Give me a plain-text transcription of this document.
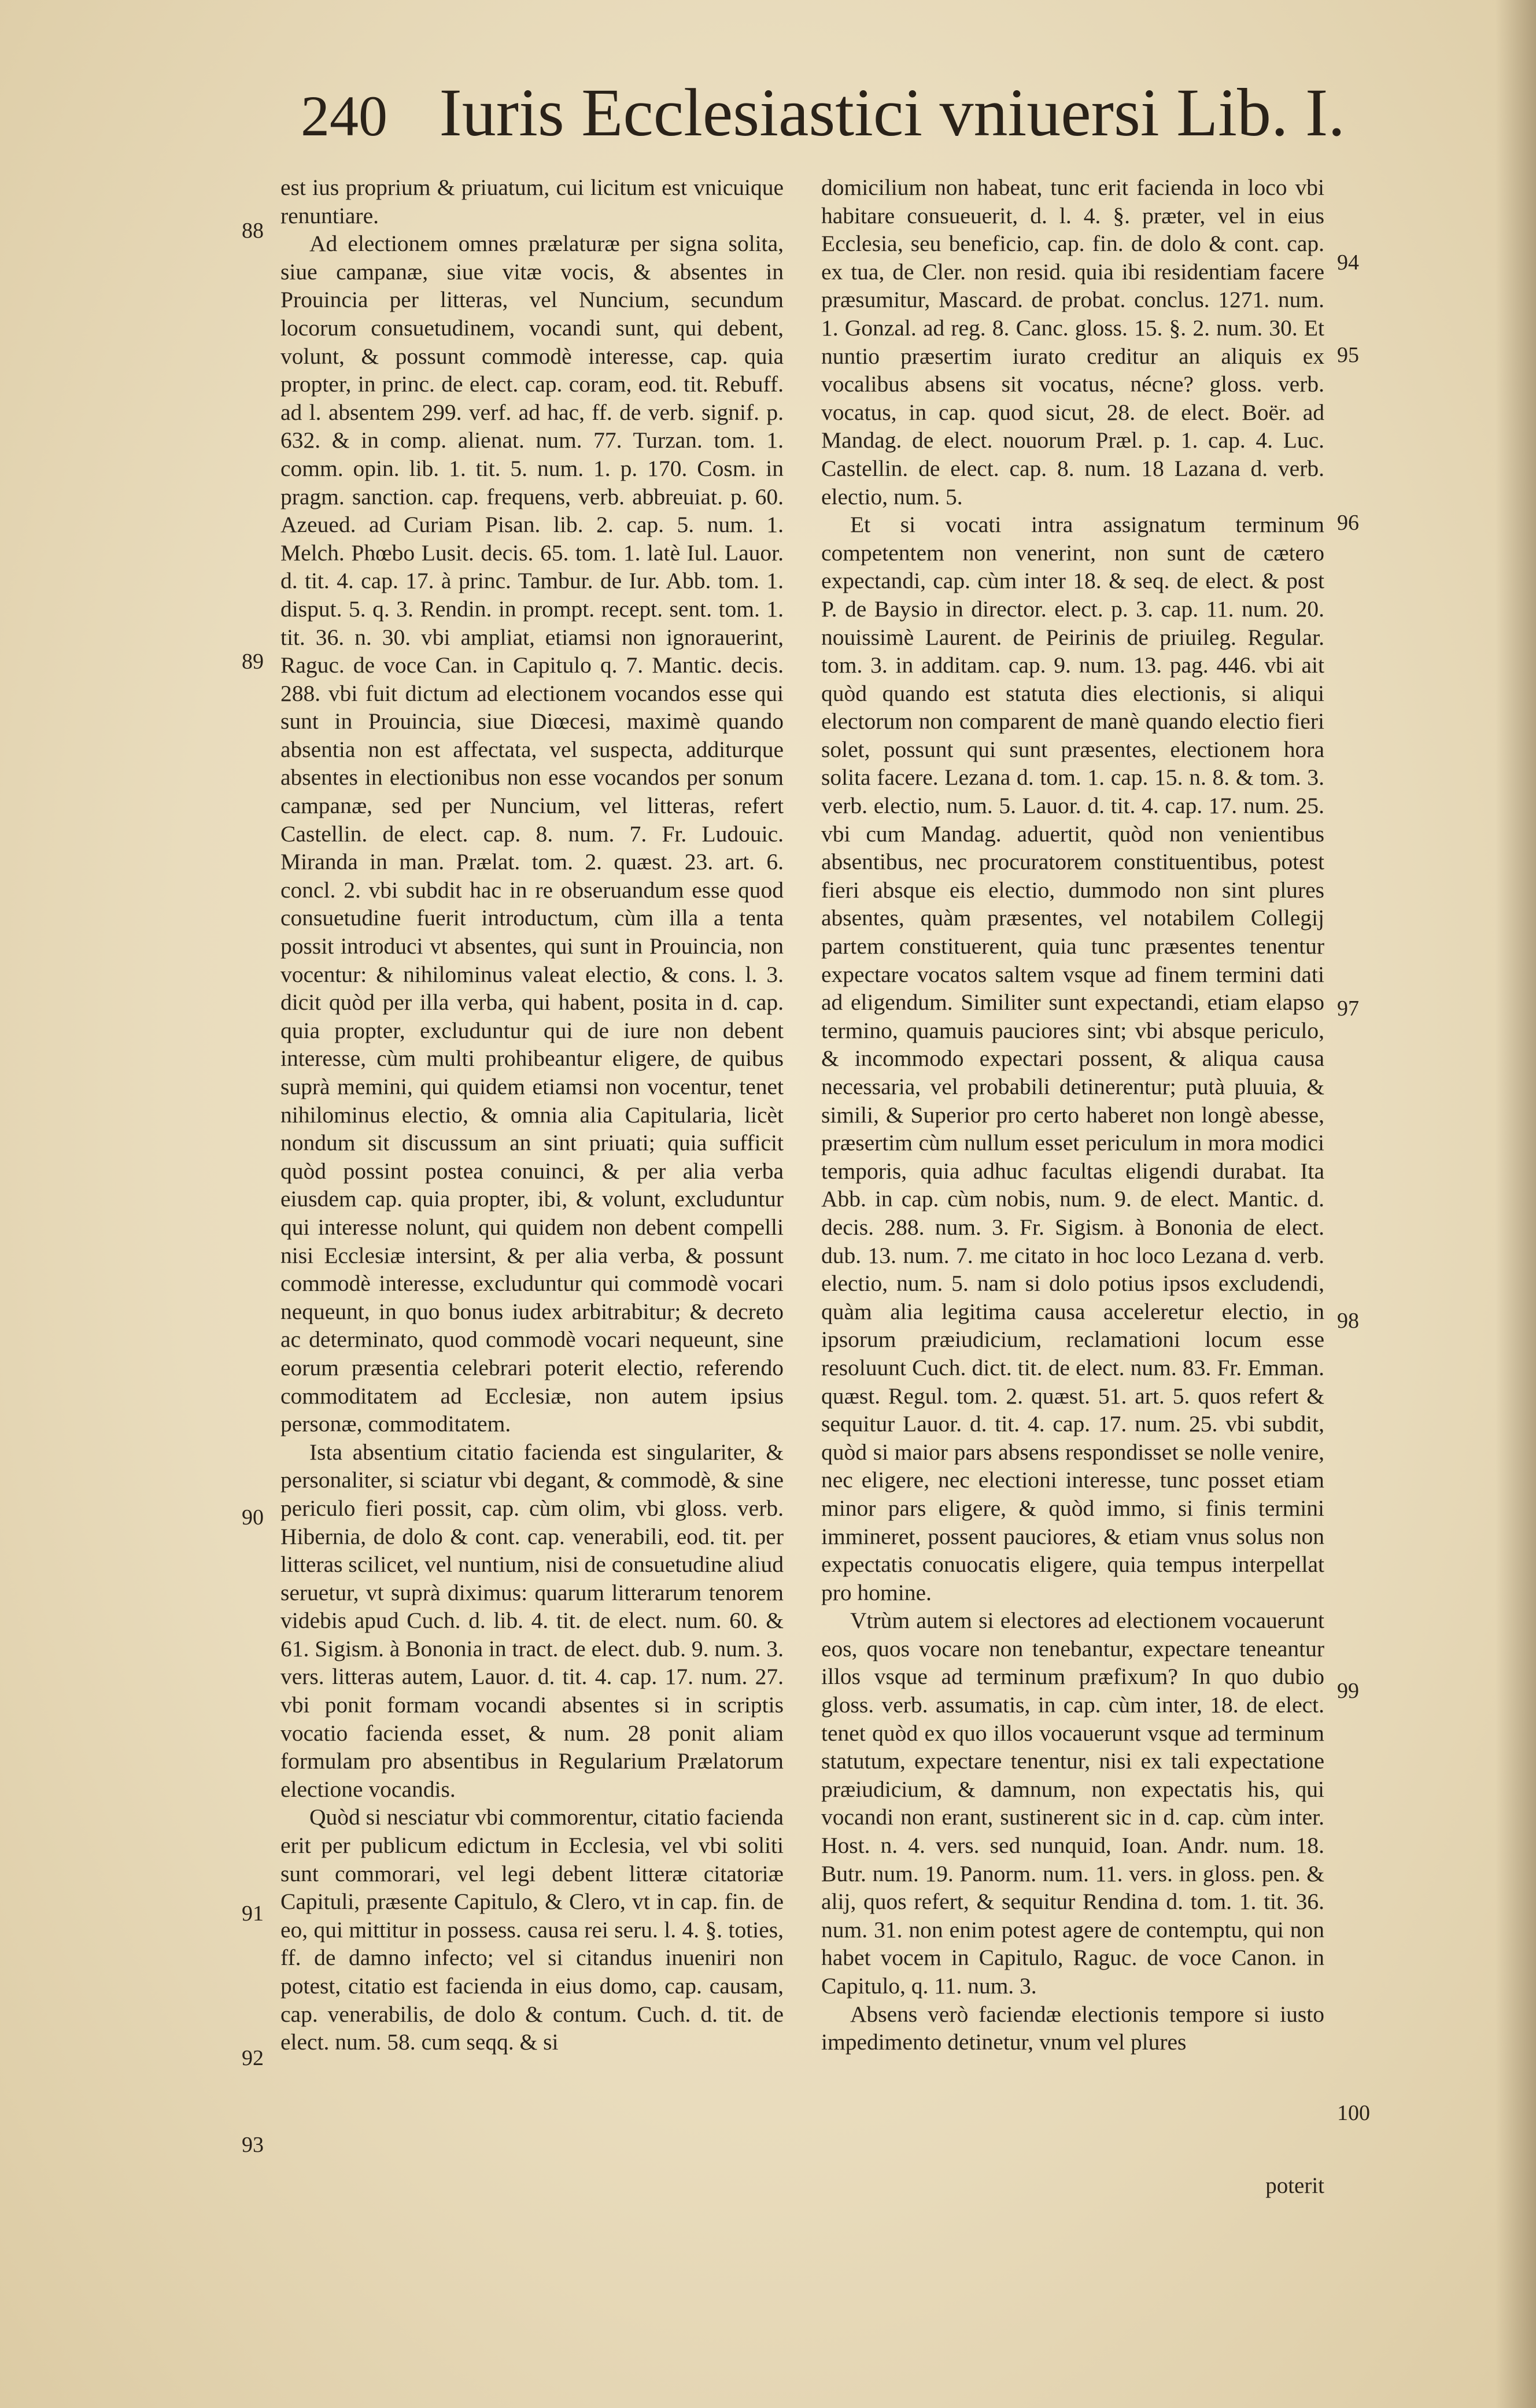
240 Iuris Ecclesiastici vniuersi Lib. I.

est ius proprium & priuatum, cui licitum est vnicuique renuntiare.

Ad electionem omnes prælaturæ per signa solita, siue campanæ, siue vitæ vocis, & absentes in Prouincia per litteras, vel Nuncium, secundum locorum consuetudinem, vocandi sunt, qui debent, volunt, & possunt commodè interesse, cap. quia propter, in princ. de elect. cap. coram, eod. tit. Rebuff. ad l. absentem 299. verf. ad hac, ff. de verb. signif. p. 632. & in comp. alienat. num. 77. Turzan. tom. 1. comm. opin. lib. 1. tit. 5. num. 1. p. 170. Cosm. in pragm. sanction. cap. frequens, verb. abbreuiat. p. 60. Azeued. ad Curiam Pisan. lib. 2. cap. 5. num. 1. Melch. Phœbo Lusit. decis. 65. tom. 1. latè Iul. Lauor. d. tit. 4. cap. 17. à princ. Tambur. de Iur. Abb. tom. 1. disput. 5. q. 3. Rendin. in prompt. recept. sent. tom. 1. tit. 36. n. 30. vbi ampliat, etiamsi non ignorauerint, Raguc. de voce Can. in Capitulo q. 7. Mantic. decis. 288. vbi fuit dictum ad electionem vocandos esse qui sunt in Prouincia, siue Diœcesi, maximè quando absentia non est affectata, vel suspecta, additurque absentes in electionibus non esse vocandos per sonum campanæ, sed per Nuncium, vel litteras, refert Castellin. de elect. cap. 8. num. 7. Fr. Ludouic. Miranda in man. Prælat. tom. 2. quæst. 23. art. 6. concl. 2. vbi subdit hac in re obseruandum esse quod consuetudine fuerit introductum, cùm illa a tenta possit introduci vt absentes, qui sunt in Prouincia, non vocentur: & nihilominus valeat electio, & cons. l. 3. dicit quòd per illa verba, qui habent, posita in d. cap. quia propter, excluduntur qui de iure non debent interesse, cùm multi prohibeantur eligere, de quibus suprà memini, qui quidem etiamsi non vocentur, tenet nihilominus electio, & omnia alia Capitularia, licèt nondum sit discussum an sint priuati; quia sufficit quòd possint postea conuinci, & per alia verba eiusdem cap. quia propter, ibi, & volunt, excluduntur qui interesse nolunt, qui quidem non debent compelli nisi Ecclesiæ intersint, & per alia verba, & possunt commodè interesse, excluduntur qui commodè vocari nequeunt, in quo bonus iudex arbitrabitur; & decreto ac determinato, quod commodè vocari nequeunt, sine eorum præsentia celebrari poterit electio, referendo commoditatem ad Ecclesiæ, non autem ipsius personæ, commoditatem.

Ista absentium citatio facienda est singulariter, & personaliter, si sciatur vbi degant, & commodè, & sine periculo fieri possit, cap. cùm olim, vbi gloss. verb. Hibernia, de dolo & cont. cap. venerabili, eod. tit. per litteras scilicet, vel nuntium, nisi de consuetudine aliud seruetur, vt suprà diximus: quarum litterarum tenorem videbis apud Cuch. d. lib. 4. tit. de elect. num. 60. & 61. Sigism. à Bononia in tract. de elect. dub. 9. num. 3. vers. litteras autem, Lauor. d. tit. 4. cap. 17. num. 27. vbi ponit formam vocandi absentes si in scriptis vocatio facienda esset, & num. 28 ponit aliam formulam pro absentibus in Regularium Prælatorum electione vocandis.

Quòd si nesciatur vbi commorentur, citatio facienda erit per publicum edictum in Ecclesia, vel vbi soliti sunt commorari, vel legi debent litteræ citatoriæ Capituli, præsente Capitulo, & Clero, vt in cap. fin. de eo, qui mittitur in possess. causa rei seru. l. 4. §. toties, ff. de damno infecto; vel si citandus inueniri non potest, citatio est facienda in eius domo, cap. causam, cap. venerabilis, de dolo & contum. Cuch. d. tit. de elect. num. 58. cum seqq. & si

domicilium non habeat, tunc erit facienda in loco vbi habitare consueuerit, d. l. 4. §. præter, vel in eius Ecclesia, seu beneficio, cap. fin. de dolo & cont. cap. ex tua, de Cler. non resid. quia ibi residentiam facere præsumitur, Mascard. de probat. conclus. 1271. num. 1. Gonzal. ad reg. 8. Canc. gloss. 15. §. 2. num. 30. Et nuntio præsertim iurato creditur an aliquis ex vocalibus absens sit vocatus, nécne? gloss. verb. vocatus, in cap. quod sicut, 28. de elect. Boër. ad Mandag. de elect. nouorum Præl. p. 1. cap. 4. Luc. Castellin. de elect. cap. 8. num. 18 Lazana d. verb. electio, num. 5.

Et si vocati intra assignatum terminum competentem non venerint, non sunt de cætero expectandi, cap. cùm inter 18. & seq. de elect. & post P. de Baysio in director. elect. p. 3. cap. 11. num. 20. nouissimè Laurent. de Peirinis de priuileg. Regular. tom. 3. in additam. cap. 9. num. 13. pag. 446. vbi ait quòd quando est statuta dies electionis, si aliqui electorum non comparent de manè quando electio fieri solet, possunt qui sunt præsentes, electionem hora solita facere. Lezana d. tom. 1. cap. 15. n. 8. & tom. 3. verb. electio, num. 5. Lauor. d. tit. 4. cap. 17. num. 25. vbi cum Mandag. aduertit, quòd non venientibus absentibus, nec procuratorem constituentibus, potest fieri absque eis electio, dummodo non sint plures absentes, quàm præsentes, vel notabilem Collegij partem constituerent, quia tunc præsentes tenentur expectare vocatos saltem vsque ad finem termini dati ad eligendum. Similiter sunt expectandi, etiam elapso termino, quamuis pauciores sint; vbi absque periculo, & incommodo expectari possent, & aliqua causa necessaria, vel probabili detinerentur; putà pluuia, & simili, & Superior pro certo haberet non longè abesse, præsertim cùm nullum esset periculum in mora modici temporis, quia adhuc facultas eligendi durabat. Ita Abb. in cap. cùm nobis, num. 9. de elect. Mantic. d. decis. 288. num. 3. Fr. Sigism. à Bononia de elect. dub. 13. num. 7. me citato in hoc loco Lezana d. verb. electio, num. 5. nam si dolo potius ipsos excludendi, quàm alia legitima causa acceleretur electio, in ipsorum præiudicium, reclamationi locum esse resoluunt Cuch. dict. tit. de elect. num. 83. Fr. Emman. quæst. Regul. tom. 2. quæst. 51. art. 5. quos refert & sequitur Lauor. d. tit. 4. cap. 17. num. 25. vbi subdit, quòd si maior pars absens respondisset se nolle venire, nec eligere, nec electioni interesse, tunc posset etiam minor pars eligere, & quòd immo, si finis termini immineret, possent pauciores, & etiam vnus solus non expectatis conuocatis eligere, quia tempus interpellat pro homine.

Vtrùm autem si electores ad electionem vocauerunt eos, quos vocare non tenebantur, expectare teneantur illos vsque ad terminum præfixum? In quo dubio gloss. verb. assumatis, in cap. cùm inter, 18. de elect. tenet quòd ex quo illos vocauerunt vsque ad terminum statutum, expectare tenentur, nisi ex tali expectatione præiudicium, & damnum, non expectatis his, qui vocandi non erant, sustinerent sic in d. cap. cùm inter. Host. n. 4. vers. sed nunquid, Ioan. Andr. num. 18. Butr. num. 19. Panorm. num. 11. vers. in gloss. pen. & alij, quos refert, & sequitur Rendina d. tom. 1. tit. 36. num. 31. non enim potest agere de contemptu, qui non habet vocem in Capitulo, Raguc. de voce Canon. in Capitulo, q. 11. num. 3.

Absens verò faciendæ electionis tempore si iusto impedimento detinetur, vnum vel plures

88
89
90
91
92
93
94
95
96
97
98
99
100
poterit
